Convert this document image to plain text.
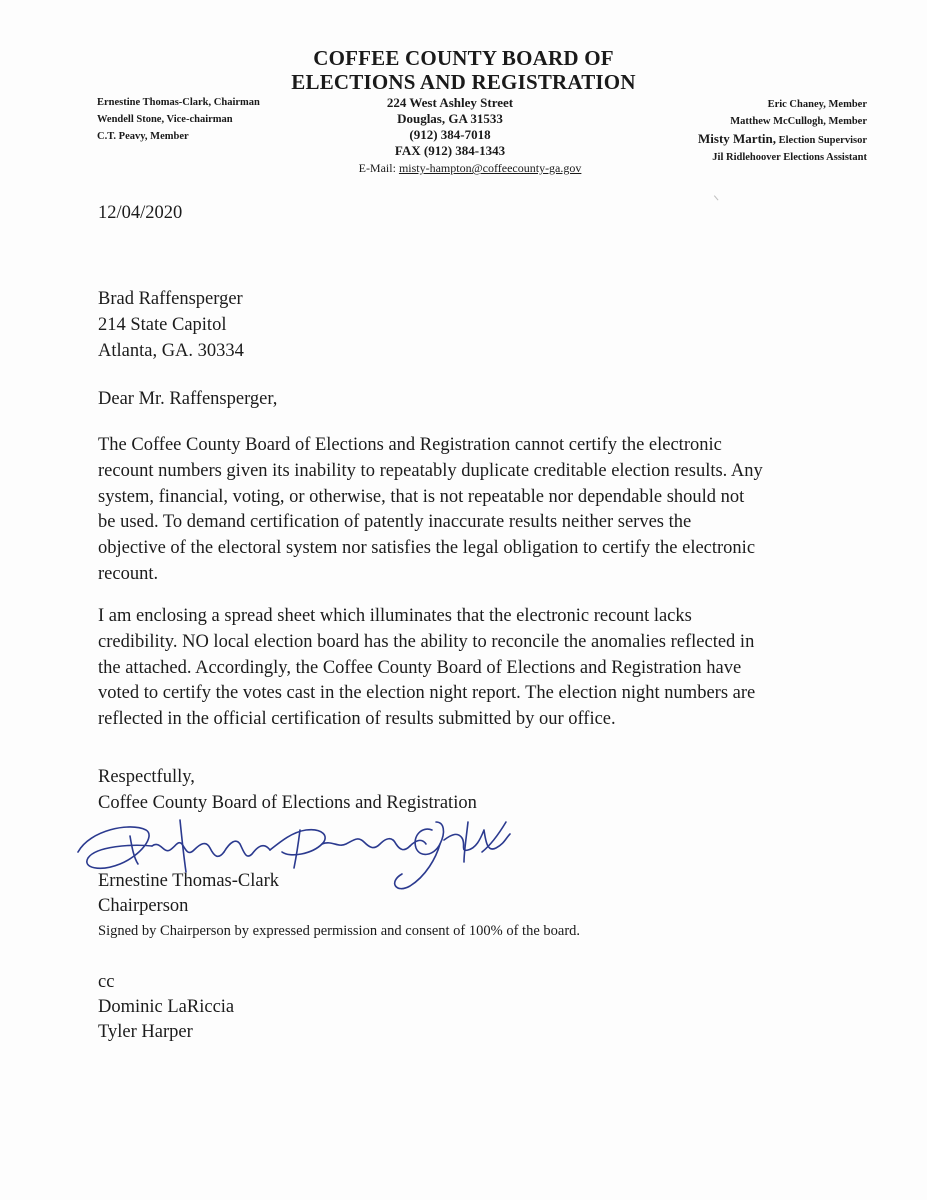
COFFEE COUNTY BOARD OF
ELECTIONS AND REGISTRATION
Ernestine Thomas-Clark, Chairman
Wendell Stone, Vice-chairman
C.T. Peavy, Member
224 West Ashley Street
Douglas, GA 31533
(912) 384-7018
FAX (912) 384-1343
E-Mail: misty-hampton@coffeecounty-ga.gov
Eric Chaney, Member
Matthew McCullogh, Member
Misty Martin, Election Supervisor
Jil Ridlehoover Elections Assistant
12/04/2020
Brad Raffensperger
214 State Capitol
Atlanta, GA. 30334
Dear Mr. Raffensperger,
The Coffee County Board of Elections and Registration cannot certify the electronic
recount numbers given its inability to repeatably duplicate creditable election results. Any
system, financial, voting, or otherwise, that is not repeatable nor dependable should not
be used. To demand certification of patently inaccurate results neither serves the
objective of the electoral system nor satisfies the legal obligation to certify the electronic
recount.
I am enclosing a spread sheet which illuminates that the electronic recount lacks
credibility. NO local election board has the ability to reconcile the anomalies reflected in
the attached. Accordingly, the Coffee County Board of Elections and Registration have
voted to certify the votes cast in the election night report. The election night numbers are
reflected in the official certification of results submitted by our office.
Respectfully,
Coffee County Board of Elections and Registration
Ernestine Thomas-Clark
Chairperson
Signed by Chairperson by expressed permission and consent of 100% of the board.
cc
Dominic LaRiccia
Tyler Harper
